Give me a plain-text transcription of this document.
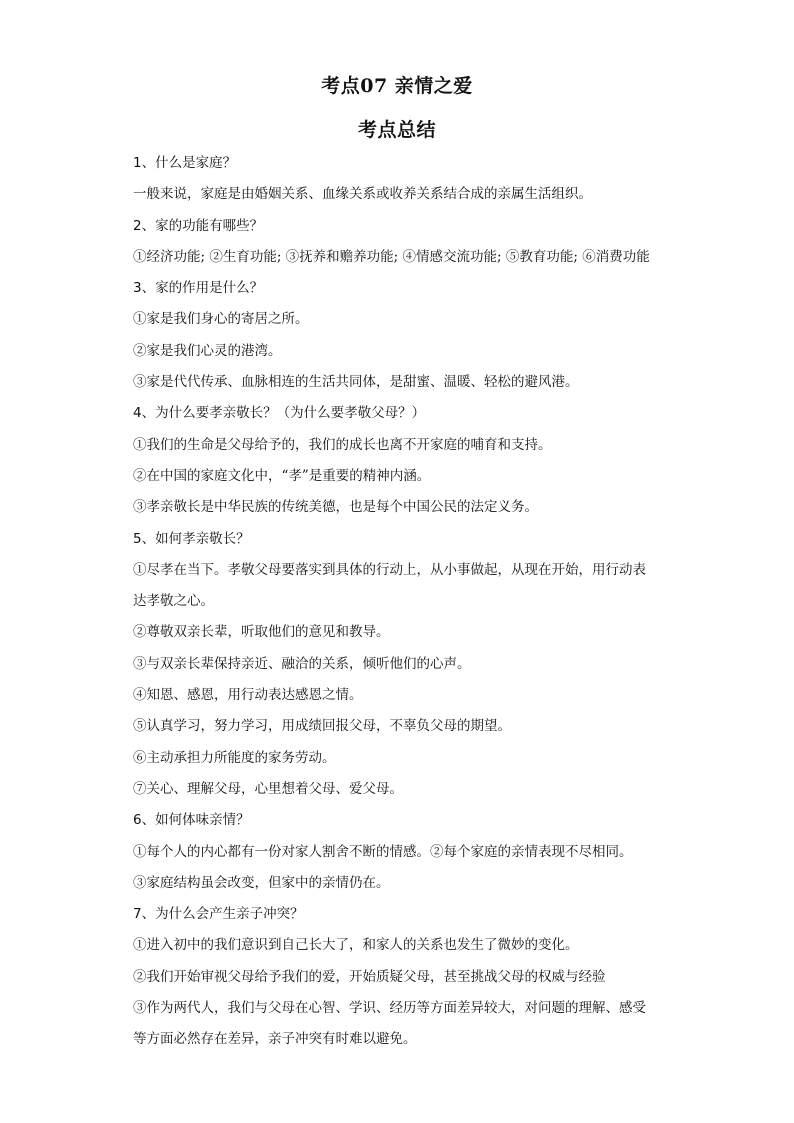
考点07 亲情之爱
考点总结
1、什么是家庭？
一般来说，家庭是由婚姻关系、血缘关系或收养关系结合成的亲属生活组织。
2、家的功能有哪些？
①经济功能; ②生育功能; ③抚养和赡养功能; ④情感交流功能; ⑤教育功能; ⑥消费功能
3、家的作用是什么？
①家是我们身心的寄居之所。
②家是我们心灵的港湾。
③家是代代传承、血脉相连的生活共同体，是甜蜜、温暖、轻松的避风港。
4、为什么要孝亲敬长？（为什么要孝敬父母？）
①我们的生命是父母给予的，我们的成长也离不开家庭的哺育和支持。
②在中国的家庭文化中，“孝”是重要的精神内涵。
③孝亲敬长是中华民族的传统美德，也是每个中国公民的法定义务。
5、如何孝亲敬长？
①尽孝在当下。孝敬父母要落实到具体的行动上，从小事做起，从现在开始，用行动表
达孝敬之心。
②尊敬双亲长辈，听取他们的意见和教导。
③与双亲长辈保持亲近、融洽的关系，倾听他们的心声。
④知恩、感恩，用行动表达感恩之情。
⑤认真学习，努力学习，用成绩回报父母，不辜负父母的期望。
⑥主动承担力所能度的家务劳动。
⑦关心、理解父母，心里想着父母、爱父母。
6、如何体味亲情？
①每个人的内心都有一份对家人割舍不断的情感。②每个家庭的亲情表现不尽相同。
③家庭结构虽会改变，但家中的亲情仍在。
7、为什么会产生亲子冲突？
①进入初中的我们意识到自己长大了，和家人的关系也发生了微妙的变化。
②我们开始审视父母给予我们的爱，开始质疑父母，甚至挑战父母的权威与经验
③作为两代人，我们与父母在心智、学识、经历等方面差异较大，对问题的理解、感受
等方面必然存在差异，亲子冲突有时难以避免。
